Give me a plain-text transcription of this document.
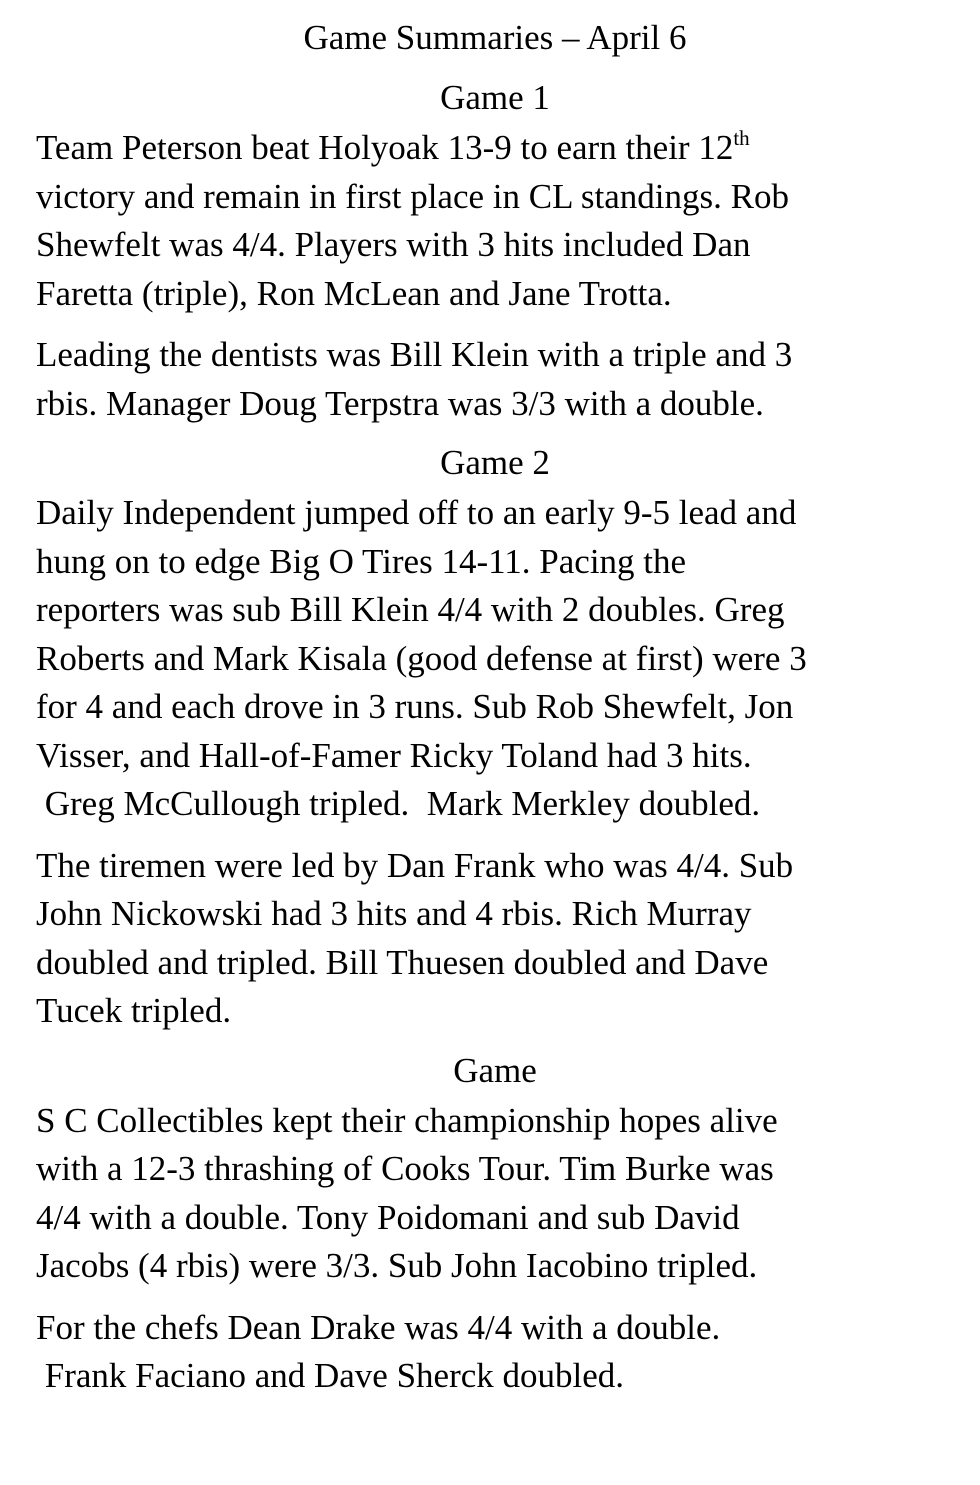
Game Summaries – April 6
Game 1

Team Peterson beat Holyoak 13-9 to earn their 12th
victory and remain in first place in CL standings. Rob
Shewfelt was 4/4. Players with 3 hits included Dan
Faretta (triple), Ron McLean and Jane Trotta.

Leading the dentists was Bill Klein with a triple and 3
rbis. Manager Doug Terpstra was 3/3 with a double.

Game 2

Daily Independent jumped off to an early 9-5 lead and
hung on to edge Big O Tires 14-11. Pacing the
reporters was sub Bill Klein 4/4 with 2 doubles. Greg
Roberts and Mark Kisala (good defense at first) were 3
for 4 and each drove in 3 runs. Sub Rob Shewfelt, Jon
Visser, and Hall-of-Famer Ricky Toland had 3 hits.
Greg McCullough tripled.  Mark Merkley doubled.

The tiremen were led by Dan Frank who was 4/4. Sub
John Nickowski had 3 hits and 4 rbis. Rich Murray
doubled and tripled. Bill Thuesen doubled and Dave
Tucek tripled.

Game

S C Collectibles kept their championship hopes alive
with a 12-3 thrashing of Cooks Tour. Tim Burke was
4/4 with a double. Tony Poidomani and sub David
Jacobs (4 rbis) were 3/3. Sub John Iacobino tripled.

For the chefs Dean Drake was 4/4 with a double.
Frank Faciano and Dave Sherck doubled.
